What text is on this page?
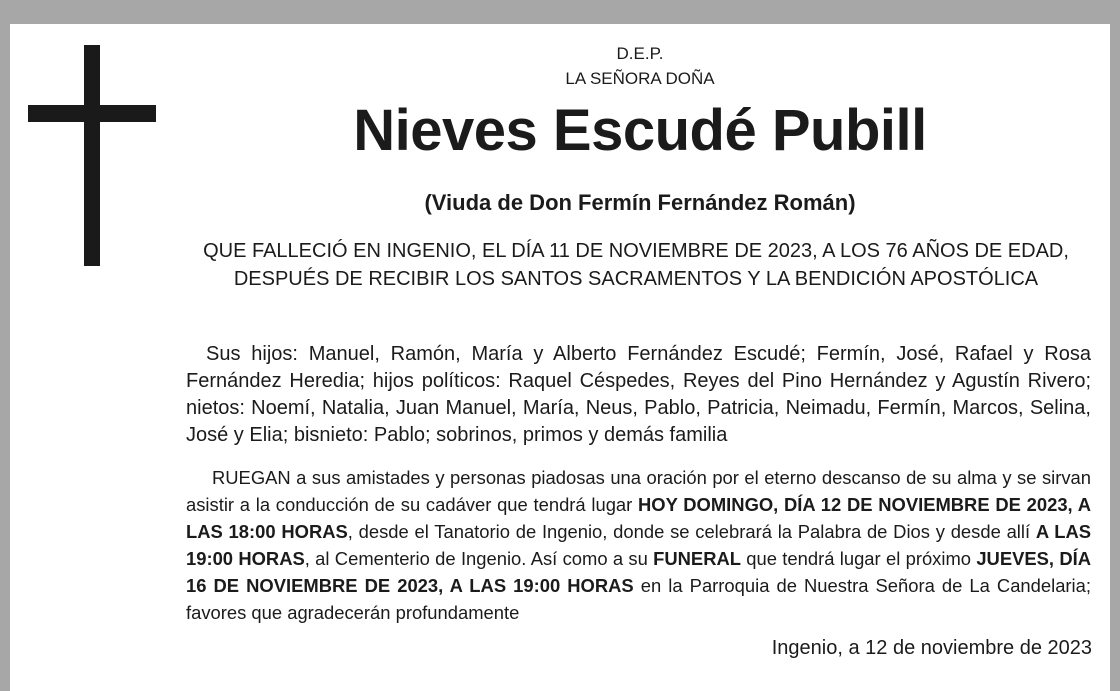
D.E.P.
LA SEÑORA DOÑA
Nieves Escudé Pubill
(Viuda de Don Fermín Fernández Román)
QUE FALLECIÓ EN INGENIO, EL DÍA 11 DE NOVIEMBRE DE 2023, A LOS 76 AÑOS DE EDAD, DESPUÉS DE RECIBIR LOS SANTOS SACRAMENTOS Y LA BENDICIÓN APOSTÓLICA
Sus hijos: Manuel, Ramón, María y Alberto Fernández Escudé; Fermín, José, Rafael y Rosa Fernández Heredia; hijos políticos: Raquel Céspedes, Reyes del Pino Hernández y Agustín Rivero; nietos: Noemí, Natalia, Juan Manuel, María, Neus, Pablo, Patricia, Neimadu, Fermín, Marcos, Selina, José y Elia; bisnieto: Pablo; sobrinos, primos y demás familia
RUEGAN a sus amistades y personas piadosas una oración por el eterno descanso de su alma y se sirvan asistir a la conducción de su cadáver que tendrá lugar HOY DOMINGO, DÍA 12 DE NOVIEMBRE DE 2023, A LAS 18:00 HORAS, desde el Tanatorio de Ingenio, donde se celebrará la Palabra de Dios y desde allí A LAS 19:00 HORAS, al Cementerio de Ingenio. Así como a su FUNERAL que tendrá lugar el próximo JUEVES, DÍA 16 DE NOVIEMBRE DE 2023, A LAS 19:00 HORAS en la Parroquia de Nuestra Señora de La Candelaria; favores que agradecerán profundamente
Ingenio, a 12 de noviembre de 2023
